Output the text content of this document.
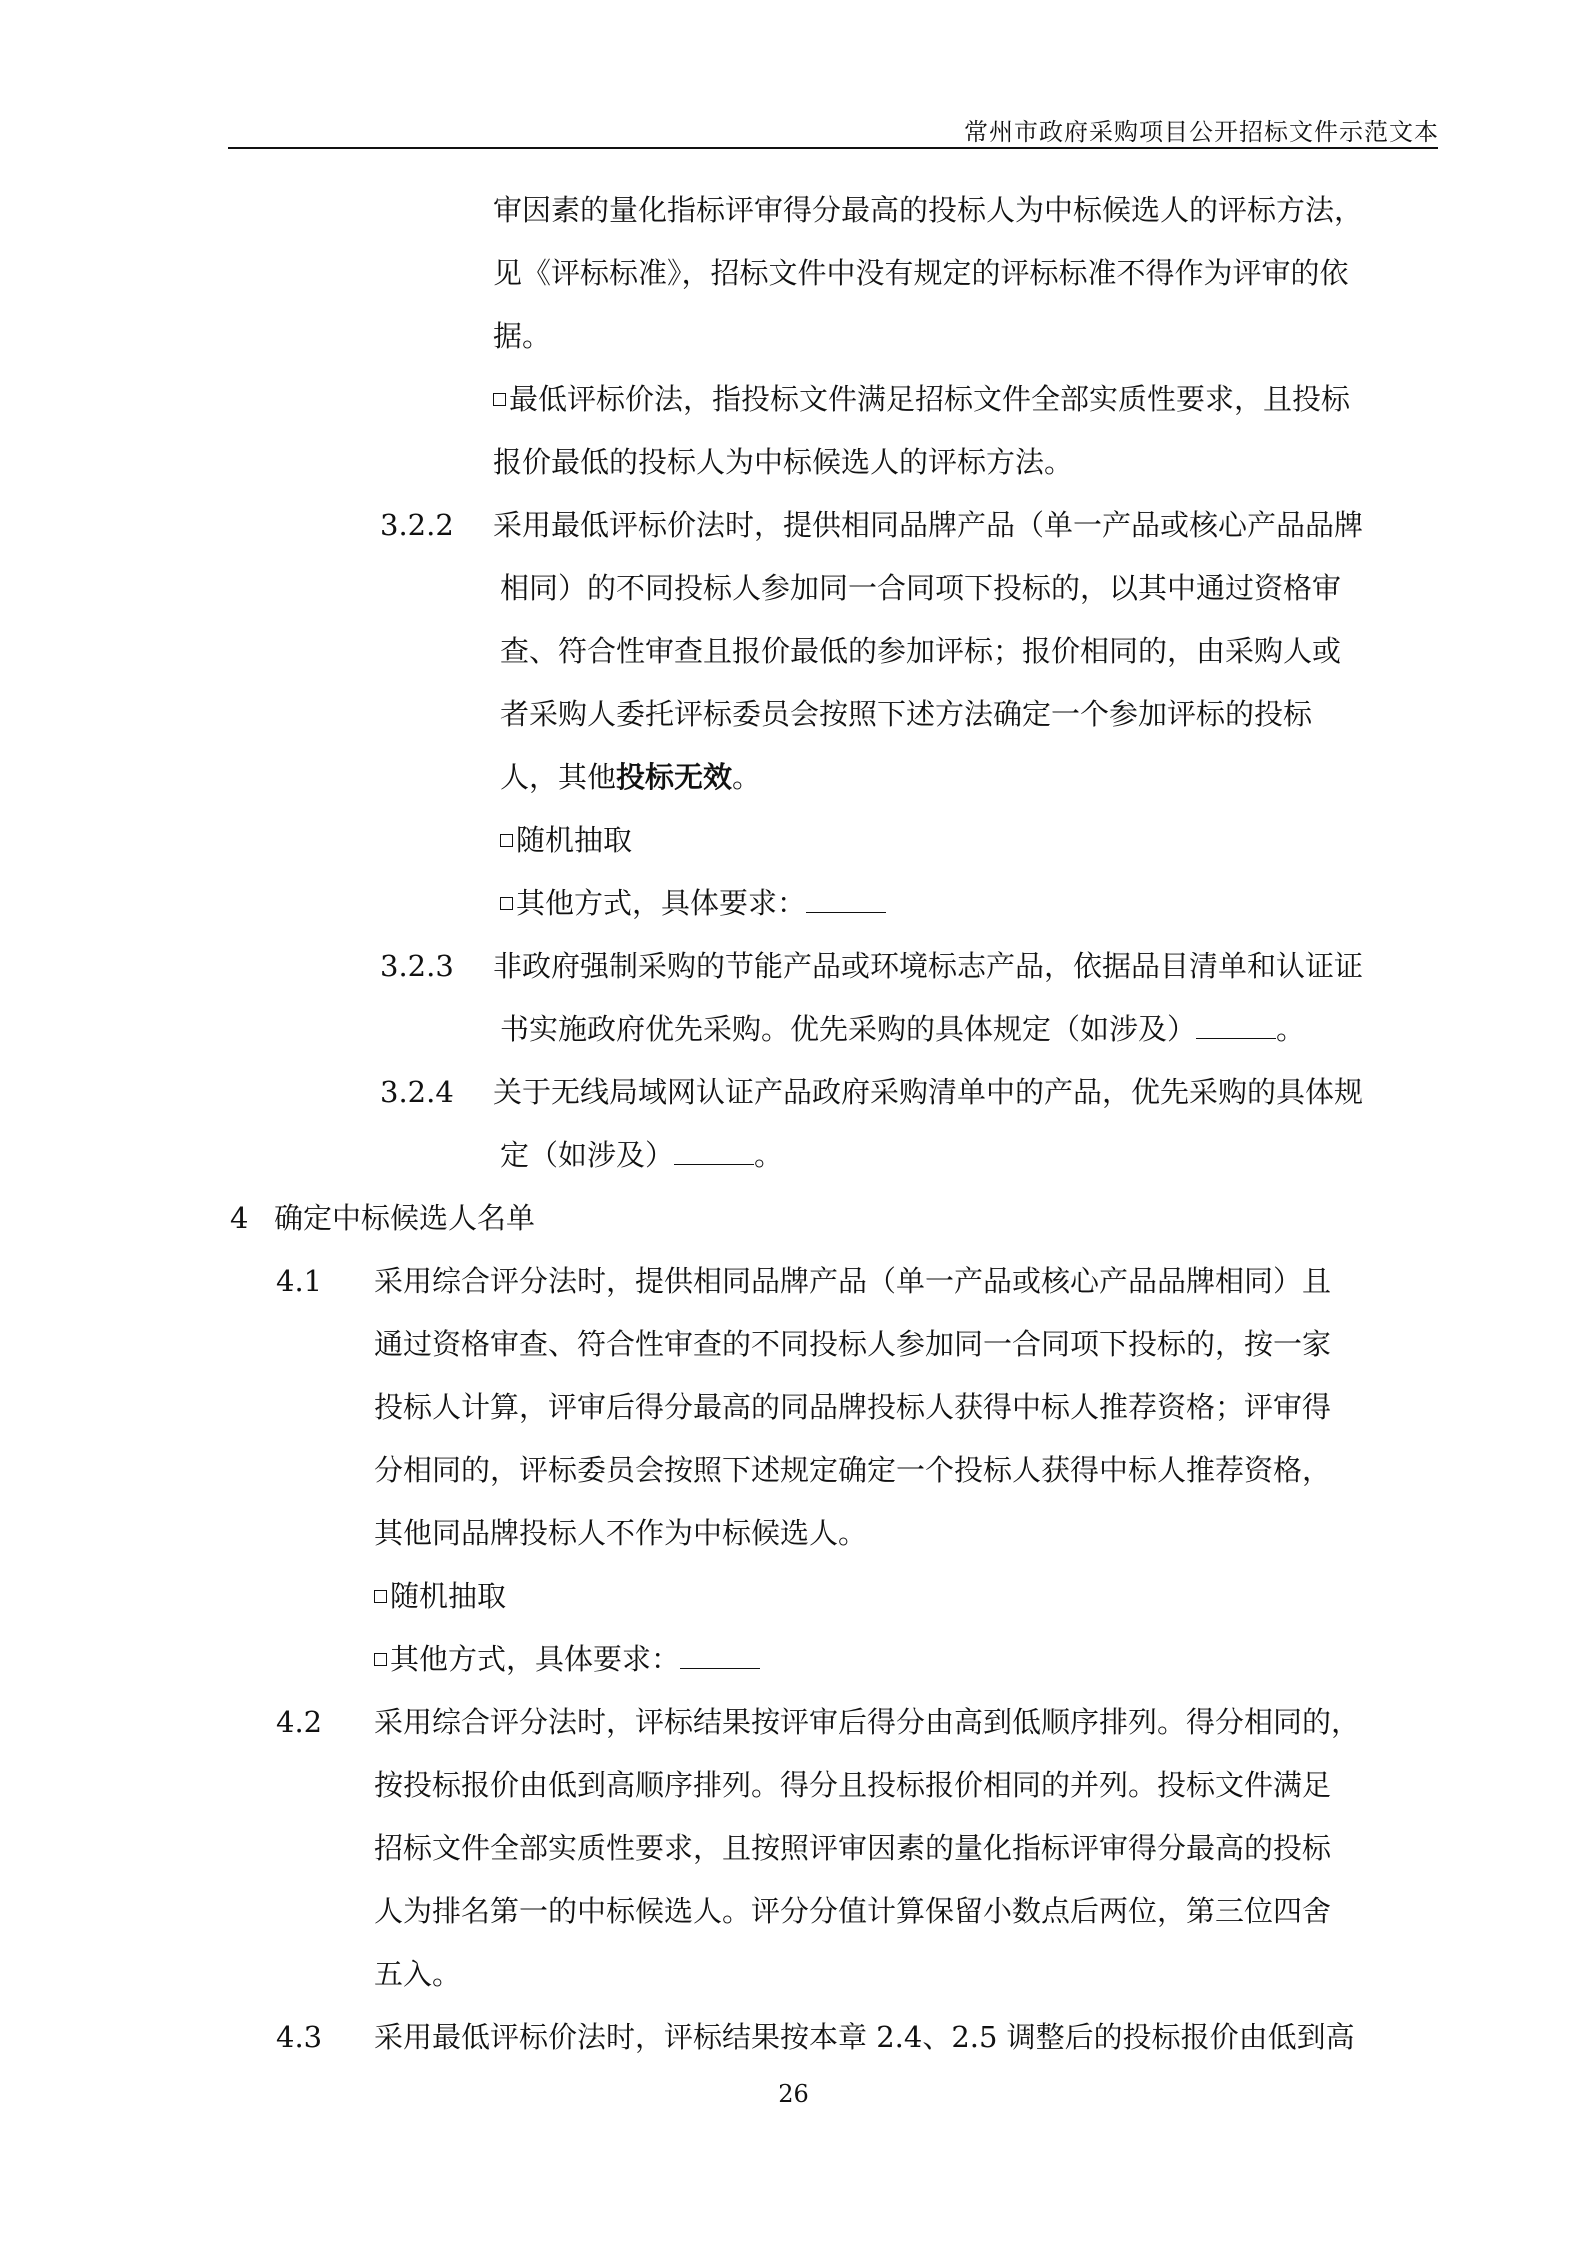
常州市政府采购项目公开招标文件示范文本

审因素的量化指标评审得分最高的投标人为中标候选人的评标方法，

见《评标标准》，招标文件中没有规定的评标标准不得作为评审的依

据。

最低评标价法，指投标文件满足招标文件全部实质性要求，且投标

报价最低的投标人为中标候选人的评标方法。

3.2.2 采用最低评标价法时，提供相同品牌产品（单一产品或核心产品品牌

相同）的不同投标人参加同一合同项下投标的，以其中通过资格审

查、符合性审查且报价最低的参加评标；报价相同的，由采购人或

者采购人委托评标委员会按照下述方法确定一个参加评标的投标

人，其他投标无效。

随机抽取

其他方式，具体要求：

3.2.3 非政府强制采购的节能产品或环境标志产品，依据品目清单和认证证

书实施政府优先采购。优先采购的具体规定（如涉及）	。

3.2.4 关于无线局域网认证产品政府采购清单中的产品，优先采购的具体规

定（如涉及）	。

4 确定中标候选人名单

4.1 采用综合评分法时，提供相同品牌产品（单一产品或核心产品品牌相同）且

通过资格审查、符合性审查的不同投标人参加同一合同项下投标的，按一家

投标人计算，评审后得分最高的同品牌投标人获得中标人推荐资格；评审得

分相同的，评标委员会按照下述规定确定一个投标人获得中标人推荐资格，

其他同品牌投标人不作为中标候选人。

随机抽取

其他方式，具体要求：

4.2 采用综合评分法时，评标结果按评审后得分由高到低顺序排列。得分相同的，

按投标报价由低到高顺序排列。得分且投标报价相同的并列。投标文件满足

招标文件全部实质性要求，且按照评审因素的量化指标评审得分最高的投标

人为排名第一的中标候选人。评分分值计算保留小数点后两位，第三位四舍

五入。

4.3 采用最低评标价法时，评标结果按本章 2.4、2.5 调整后的投标报价由低到高

26
